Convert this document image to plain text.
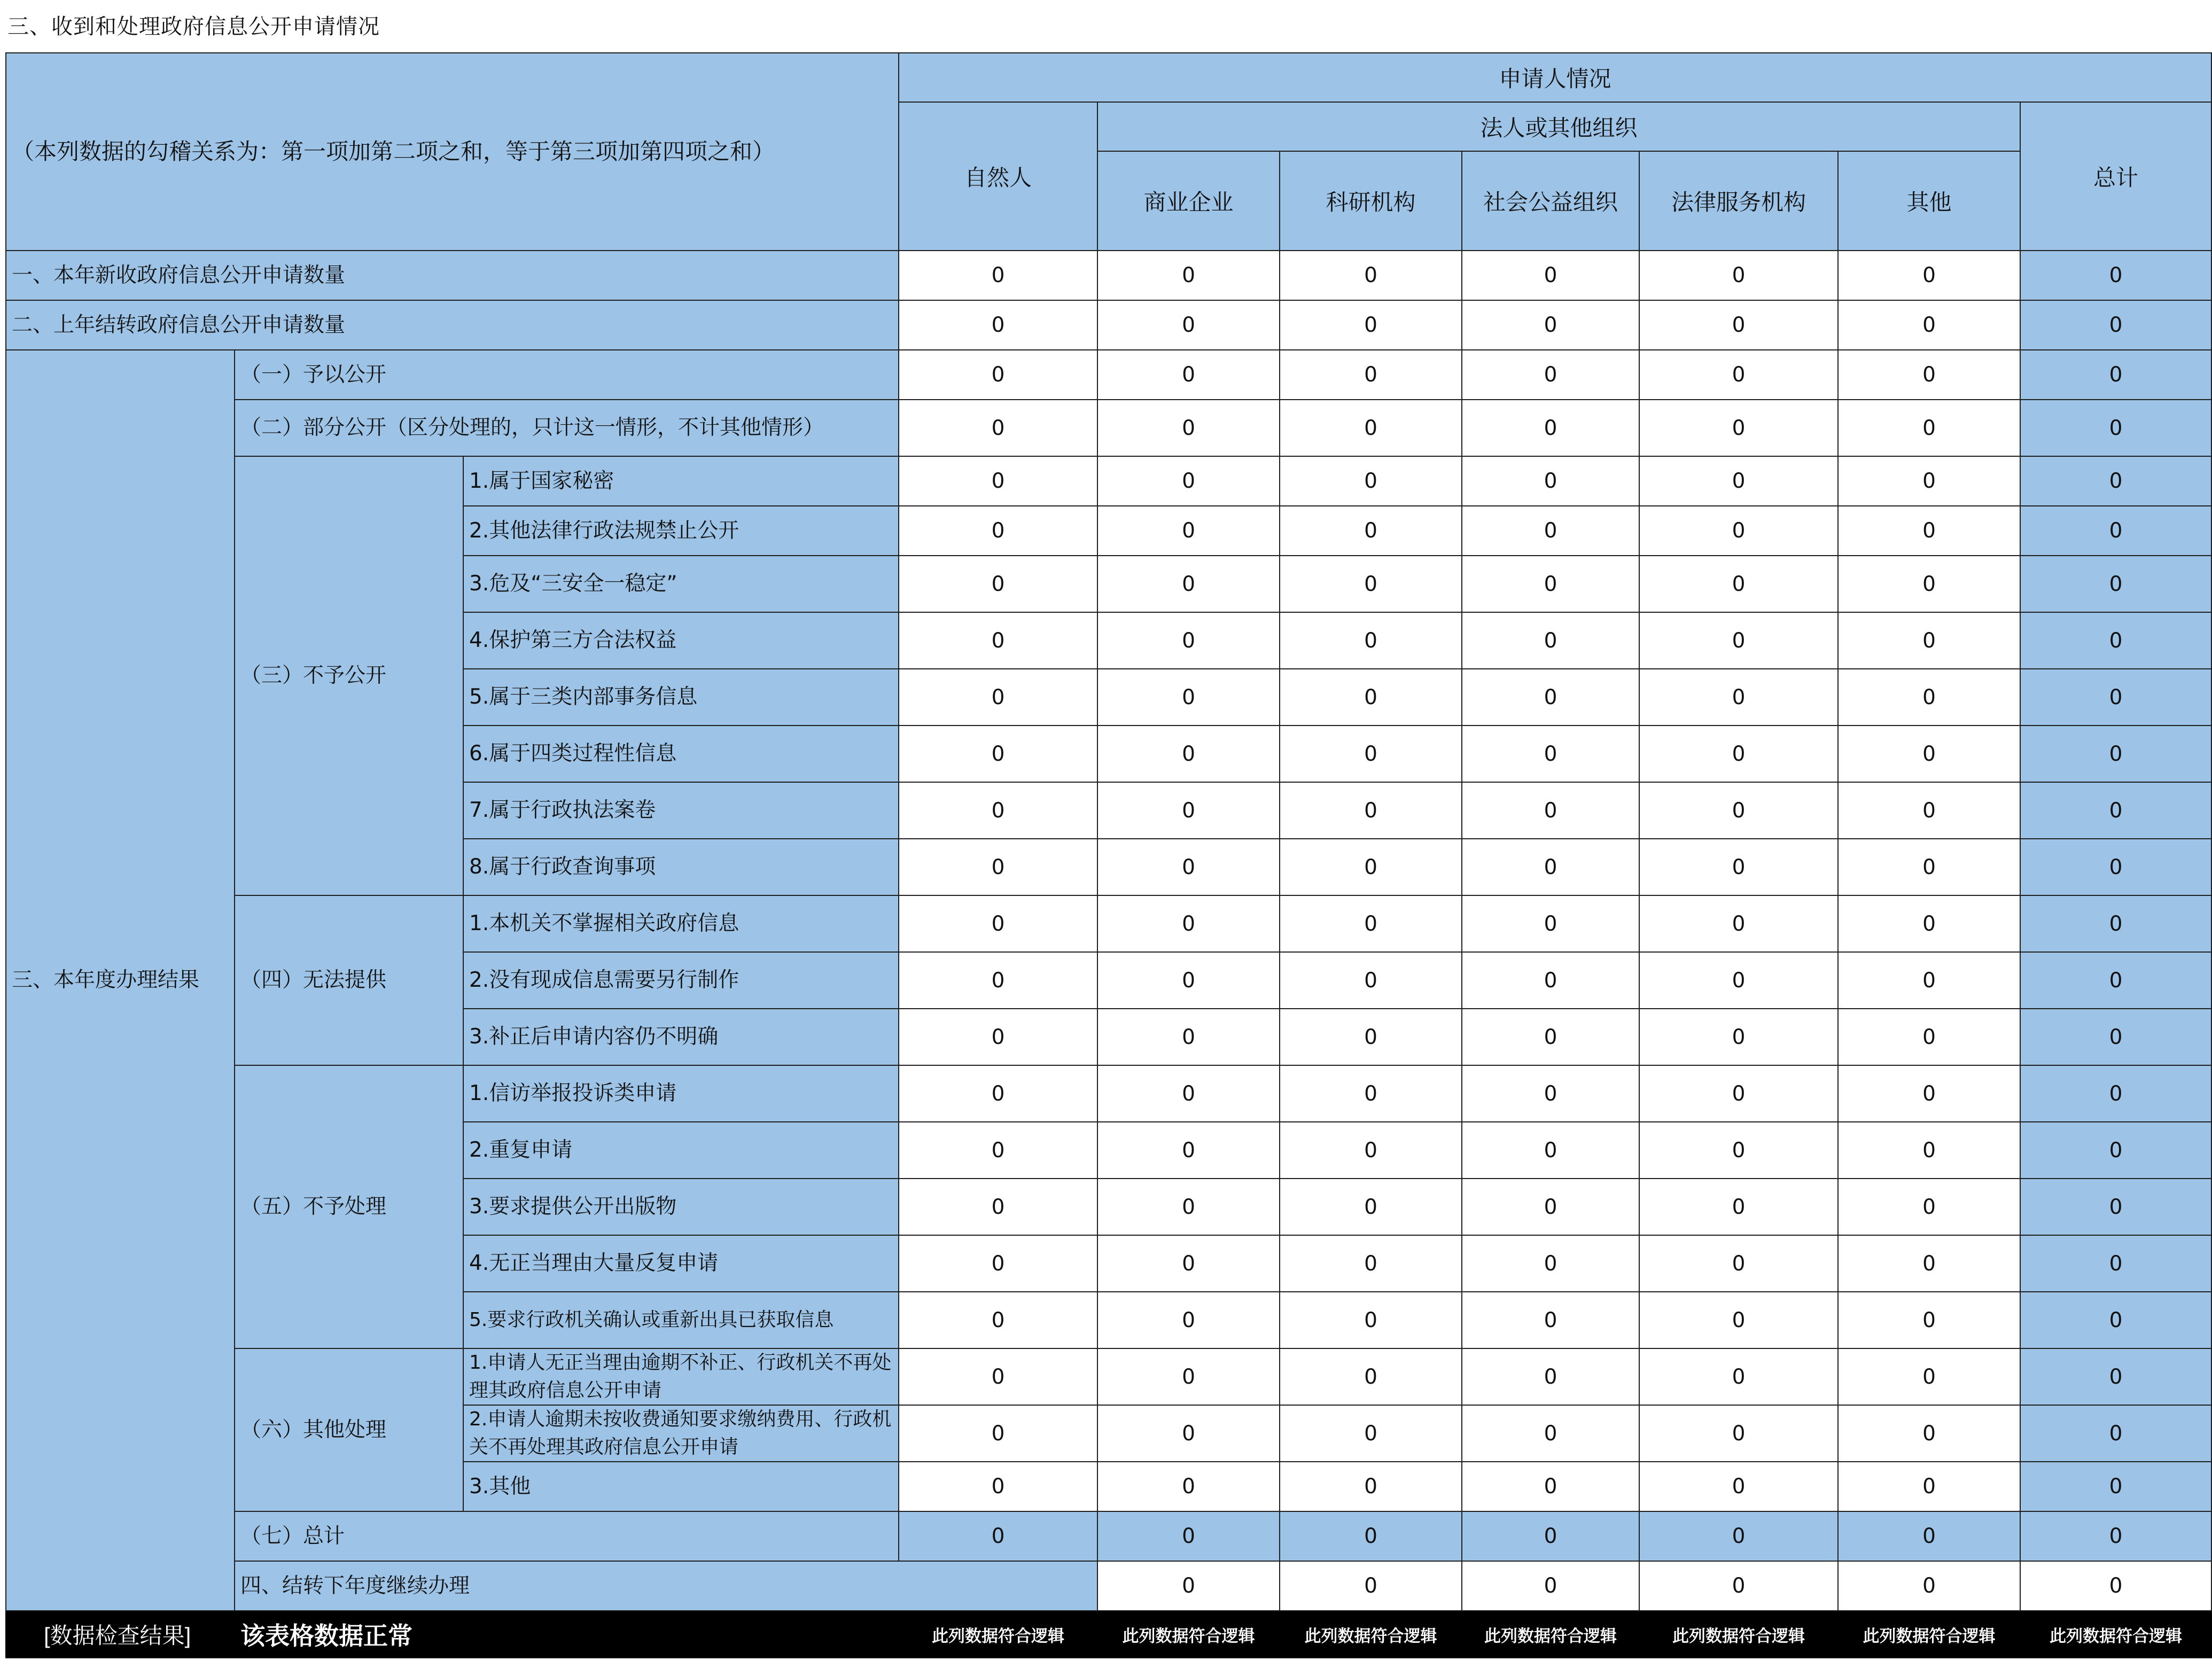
三、收到和处理政府信息公开申请情况
（本列数据的勾稽关系为：第一项加第二项之和，等于第三项加第四项之和）			申请人情况							
			自然人	法人或其他组织					总计	
				商业企业	科研机构	社会公益组织	法律服务机构	其他		
一、本年新收政府信息公开申请数量			0	0	0	0	0	0	0	
二、上年结转政府信息公开申请数量			0	0	0	0	0	0	0	
三、本年度办理结果	（一）予以公开		0	0	0	0	0	0	0	
	（二）部分公开（区分处理的，只计这一情形，不计其他情形）		0	0	0	0	0	0	0	
	（三）不予公开	1.属于国家秘密	0	0	0	0	0	0	0	
		2.其他法律行政法规禁止公开	0	0	0	0	0	0	0	
		3.危及“三安全一稳定”	0	0	0	0	0	0	0	
		4.保护第三方合法权益	0	0	0	0	0	0	0	
		5.属于三类内部事务信息	0	0	0	0	0	0	0	
		6.属于四类过程性信息	0	0	0	0	0	0	0	
		7.属于行政执法案卷	0	0	0	0	0	0	0	
		8.属于行政查询事项	0	0	0	0	0	0	0	
	（四）无法提供	1.本机关不掌握相关政府信息	0	0	0	0	0	0	0	
		2.没有现成信息需要另行制作	0	0	0	0	0	0	0	
		3.补正后申请内容仍不明确	0	0	0	0	0	0	0	
	（五）不予处理	1.信访举报投诉类申请	0	0	0	0	0	0	0	
		2.重复申请	0	0	0	0	0	0	0	
		3.要求提供公开出版物	0	0	0	0	0	0	0	
		4.无正当理由大量反复申请	0	0	0	0	0	0	0	
		5.要求行政机关确认或重新出具已获取信息	0	0	0	0	0	0	0	
	（六）其他处理	1.申请人无正当理由逾期不补正、行政机关不再处理其政府信息公开申请	0	0	0	0	0	0	0	
		2.申请人逾期未按收费通知要求缴纳费用、行政机关不再处理其政府信息公开申请	0	0	0	0	0	0	0	
		3.其他	0	0	0	0	0	0	0	
	（七）总计		0	0	0	0	0	0	0	
	四、结转下年度继续办理			0	0	0	0	0	0	
[数据检查结果]	该表格数据正常		此列数据符合逻辑	此列数据符合逻辑	此列数据符合逻辑	此列数据符合逻辑	此列数据符合逻辑	此列数据符合逻辑	此列数据符合逻辑	
